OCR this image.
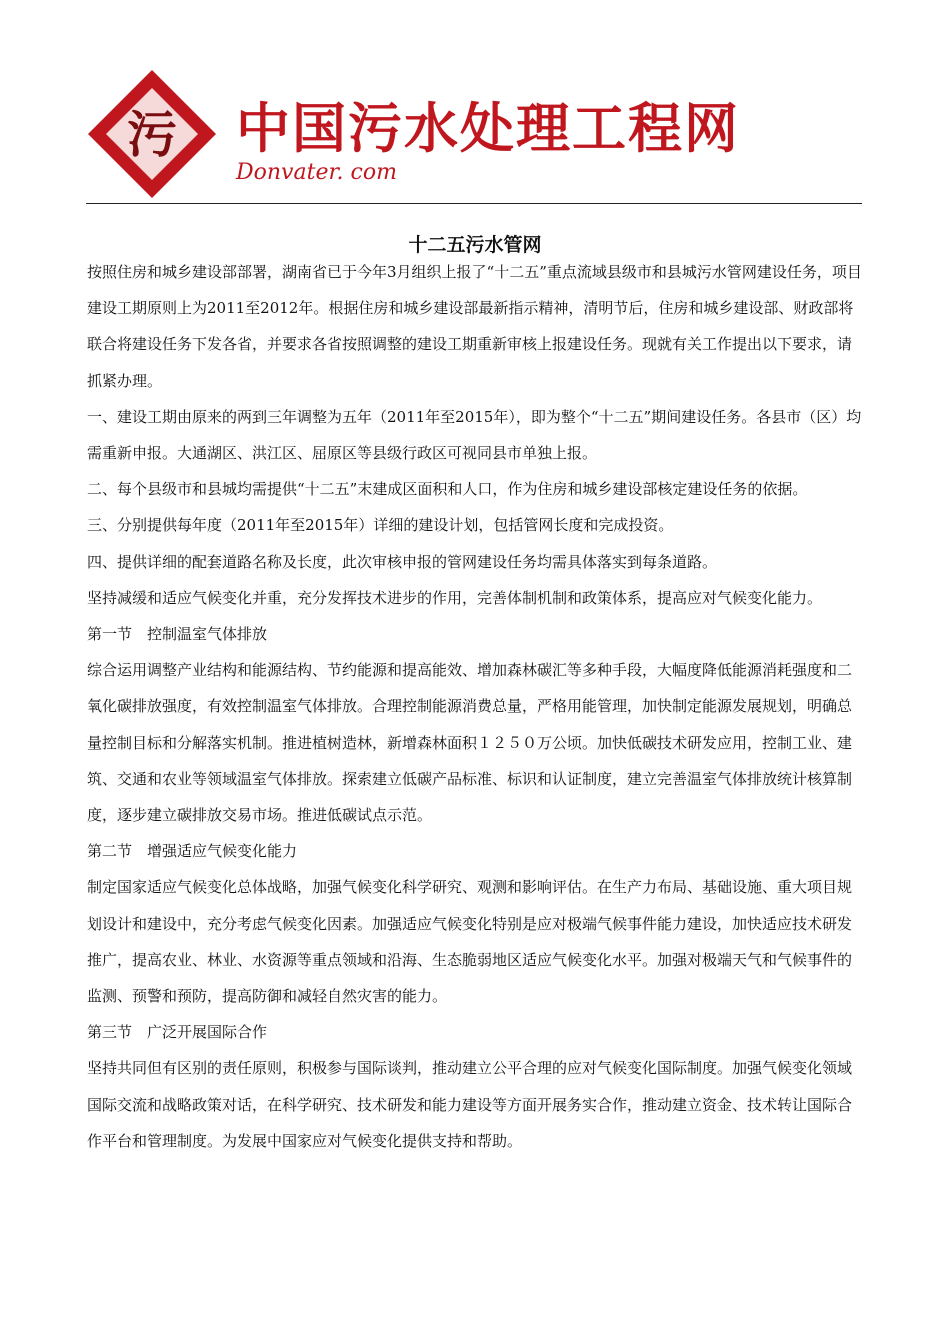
污 中国污水处理工程网
Donvater. com
十二五污水管网

按照住房和城乡建设部部署，湖南省已于今年3月组织上报了“十二五”重点流域县级市和县城污水管网建设任务，项目建设工期原则上为2011至2012年。根据住房和城乡建设部最新指示精神，清明节后，住房和城乡建设部、财政部将联合将建设任务下发各省，并要求各省按照调整的建设工期重新审核上报建设任务。现就有关工作提出以下要求，请抓紧办理。

一、建设工期由原来的两到三年调整为五年（2011年至2015年），即为整个“十二五”期间建设任务。各县市（区）均需重新申报。大通湖区、洪江区、屈原区等县级行政区可视同县市单独上报。

二、每个县级市和县城均需提供“十二五”末建成区面积和人口，作为住房和城乡建设部核定建设任务的依据。

三、分别提供每年度（2011年至2015年）详细的建设计划，包括管网长度和完成投资。

四、提供详细的配套道路名称及长度，此次审核申报的管网建设任务均需具体落实到每条道路。

坚持减缓和适应气候变化并重，充分发挥技术进步的作用，完善体制机制和政策体系，提高应对气候变化能力。

第一节　控制温室气体排放

综合运用调整产业结构和能源结构、节约能源和提高能效、增加森林碳汇等多种手段，大幅度降低能源消耗强度和二氧化碳排放强度，有效控制温室气体排放。合理控制能源消费总量，严格用能管理，加快制定能源发展规划，明确总量控制目标和分解落实机制。推进植树造林，新增森林面积１２５０万公顷。加快低碳技术研发应用，控制工业、建筑、交通和农业等领域温室气体排放。探索建立低碳产品标准、标识和认证制度，建立完善温室气体排放统计核算制度，逐步建立碳排放交易市场。推进低碳试点示范。

第二节　增强适应气候变化能力

制定国家适应气候变化总体战略，加强气候变化科学研究、观测和影响评估。在生产力布局、基础设施、重大项目规划设计和建设中，充分考虑气候变化因素。加强适应气候变化特别是应对极端气候事件能力建设，加快适应技术研发推广，提高农业、林业、水资源等重点领域和沿海、生态脆弱地区适应气候变化水平。加强对极端天气和气候事件的监测、预警和预防，提高防御和减轻自然灾害的能力。

第三节　广泛开展国际合作

坚持共同但有区别的责任原则，积极参与国际谈判，推动建立公平合理的应对气候变化国际制度。加强气候变化领域国际交流和战略政策对话，在科学研究、技术研发和能力建设等方面开展务实合作，推动建立资金、技术转让国际合作平台和管理制度。为发展中国家应对气候变化提供支持和帮助。
